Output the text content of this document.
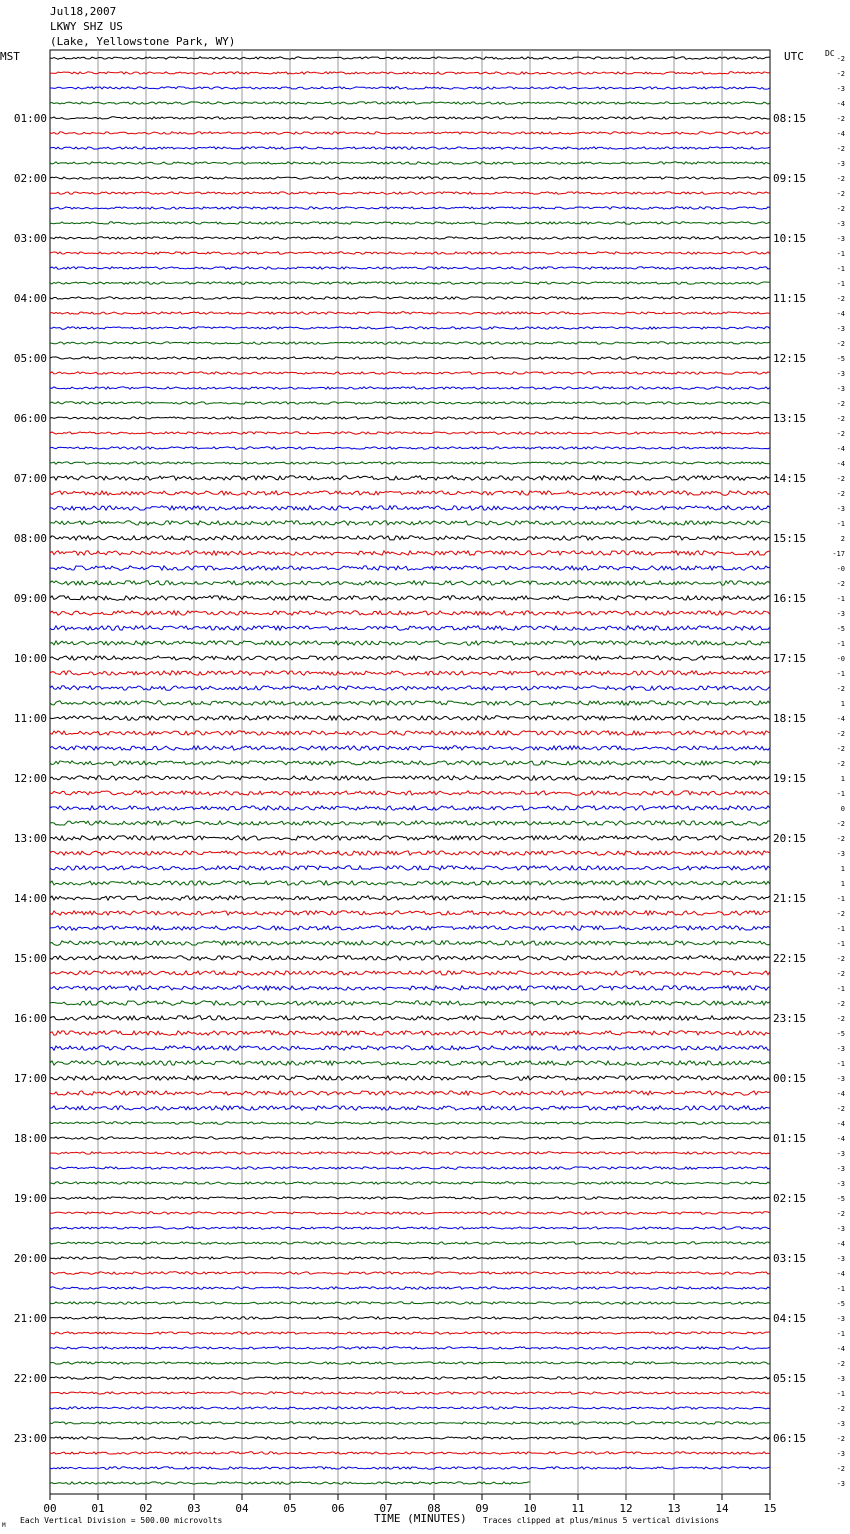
Jul18,2007
LKWY SHZ US
(Lake, Yellowstone Park, WY)
00	01	02	03	04	05	06	07	08	09	10	11	12	13	14	15
-2
-2
-3
-4
-2
01:00	08:15
-4
-2
-3
-2
02:00	09:15
-2
-2
-3
-3
03:00	10:15
-1
-1
-1
-2
04:00	11:15
-4
-3
-2
-5
05:00	12:15
-3
-3
-2
-2
06:00	13:15
-2
-4
-4
-2
07:00	14:15
-2
-3
-1
2
08:00	15:15
-17
-0
-2
-1
09:00	16:15
-3
-5
-1
-0
10:00	17:15
-1
-2
1
-4
11:00	18:15
-2
-2
-2
1
12:00	19:15
-1
0
-2
-2
13:00	20:15
-3
1
1
-1
14:00	21:15
-2
-1
-1
-2
15:00	22:15
-2
-1
-2
-2
16:00	23:15
-5
-3
-1
-3
17:00	00:15
-4
-2
-4
-4
18:00	01:15
-3
-3
-3
-5
19:00	02:15
-2
-3
-4
-3
20:00	03:15
-4
-1
-5
-3
21:00	04:15
-1
-4
-2
-3
22:00	05:15
-1
-2
-3
-2
23:00	06:15
-3
-2
-3
MST	UTC	DC
M
Each Vertical Division = 500.00 microvolts	TIME (MINUTES) Traces clipped at plus/minus 5 vertical divisions
